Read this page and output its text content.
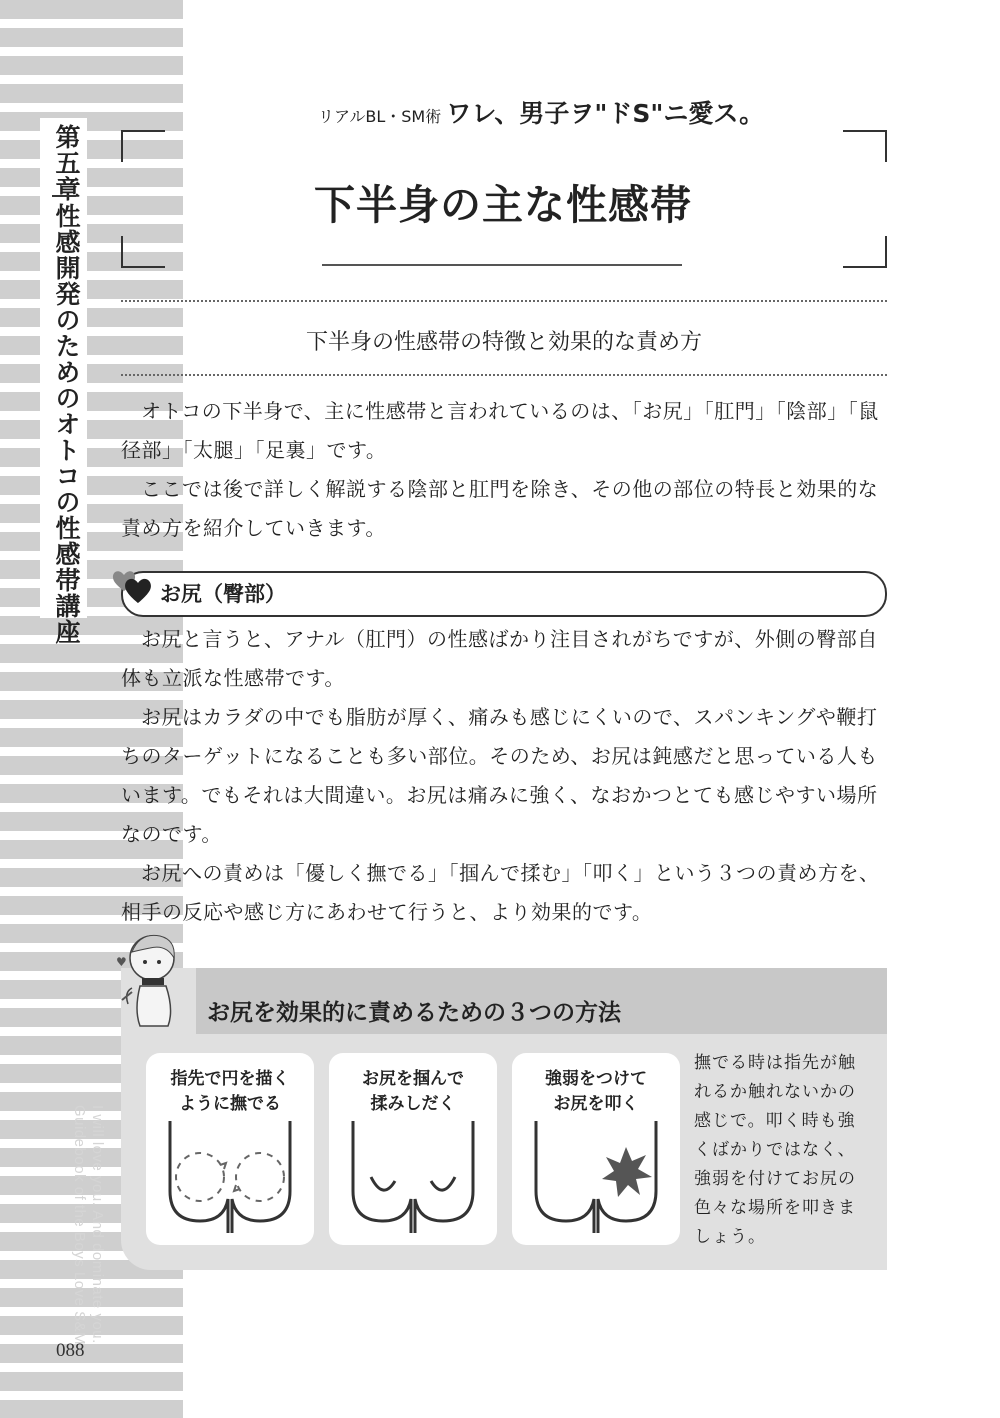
第五章
性感開発のためのオトコの性感帯講座
I will love you. And dominate you. Guidebook of the Boys Love S&M.
088
リアルBL・SM術 ワレ、男子ヲ"ドS"ニ愛ス。
下半身の主な性感帯
下半身の性感帯の特徴と効果的な責め方
オトコの下半身で、主に性感帯と言われているのは、「お尻」「肛門」「陰部」「鼠径部」「太腿」「足裏」です。
ここでは後で詳しく解説する陰部と肛門を除き、その他の部位の特長と効果的な責め方を紹介していきます。
お尻（臀部）
お尻と言うと、アナル（肛門）の性感ばかり注目されがちですが、外側の臀部自体も立派な性感帯です。
お尻はカラダの中でも脂肪が厚く、痛みも感じにくいので、スパンキングや鞭打ちのターゲットになることも多い部位。そのため、お尻は鈍感だと思っている人もいます。でもそれは大間違い。お尻は痛みに強く、なおかつとても感じやすい場所なのです。
お尻への責めは「優しく撫でる」「掴んで揉む」「叩く」という３つの責め方を、相手の反応や感じ方にあわせて行うと、より効果的です。
お尻を効果的に責めるための３つの方法
♥
指先で円を描く
ように撫でる
お尻を掴んで
揉みしだく
強弱をつけて
お尻を叩く
撫でる時は指先が触れるか触れないかの感じで。叩く時も強くばかりではなく、強弱を付けてお尻の色々な場所を叩きましょう。
